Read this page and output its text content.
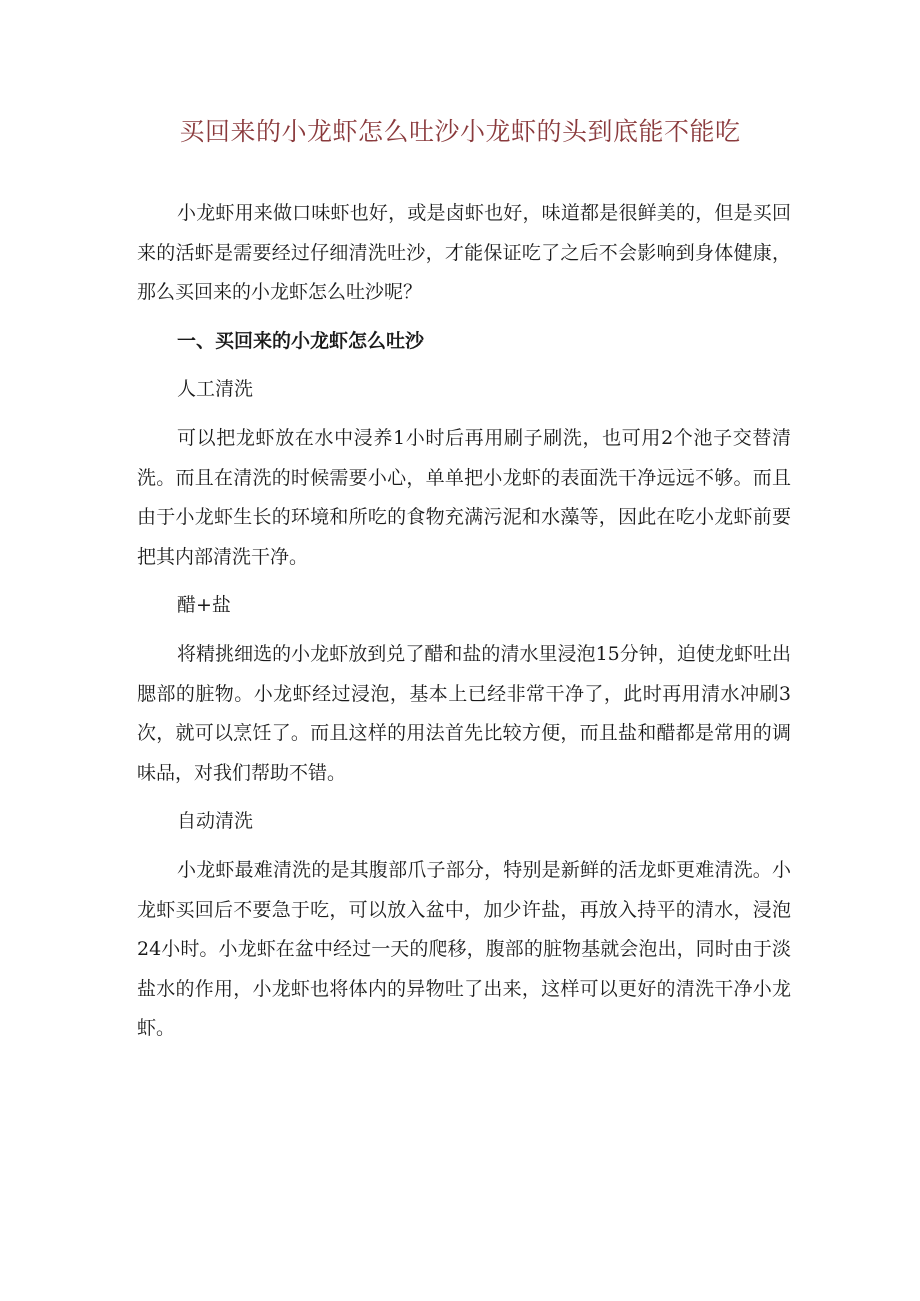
买回来的小龙虾怎么吐沙小龙虾的头到底能不能吃

小龙虾用来做口味虾也好，或是卤虾也好，味道都是很鲜美的，但是买回来的活虾是需要经过仔细清洗吐沙，才能保证吃了之后不会影响到身体健康，那么买回来的小龙虾怎么吐沙呢？

一、买回来的小龙虾怎么吐沙

人工清洗

可以把龙虾放在水中浸养1小时后再用刷子刷洗，也可用2个池子交替清洗。而且在清洗的时候需要小心，单单把小龙虾的表面洗干净远远不够。而且由于小龙虾生长的环境和所吃的食物充满污泥和水藻等，因此在吃小龙虾前要把其内部清洗干净。

醋+盐

将精挑细选的小龙虾放到兑了醋和盐的清水里浸泡15分钟，迫使龙虾吐出腮部的脏物。小龙虾经过浸泡，基本上已经非常干净了，此时再用清水冲刷3次，就可以烹饪了。而且这样的用法首先比较方便，而且盐和醋都是常用的调味品，对我们帮助不错。

自动清洗

小龙虾最难清洗的是其腹部爪子部分，特别是新鲜的活龙虾更难清洗。小龙虾买回后不要急于吃，可以放入盆中，加少许盐，再放入持平的清水，浸泡24小时。小龙虾在盆中经过一天的爬移，腹部的脏物基就会泡出，同时由于淡盐水的作用，小龙虾也将体内的异物吐了出来，这样可以更好的清洗干净小龙虾。
